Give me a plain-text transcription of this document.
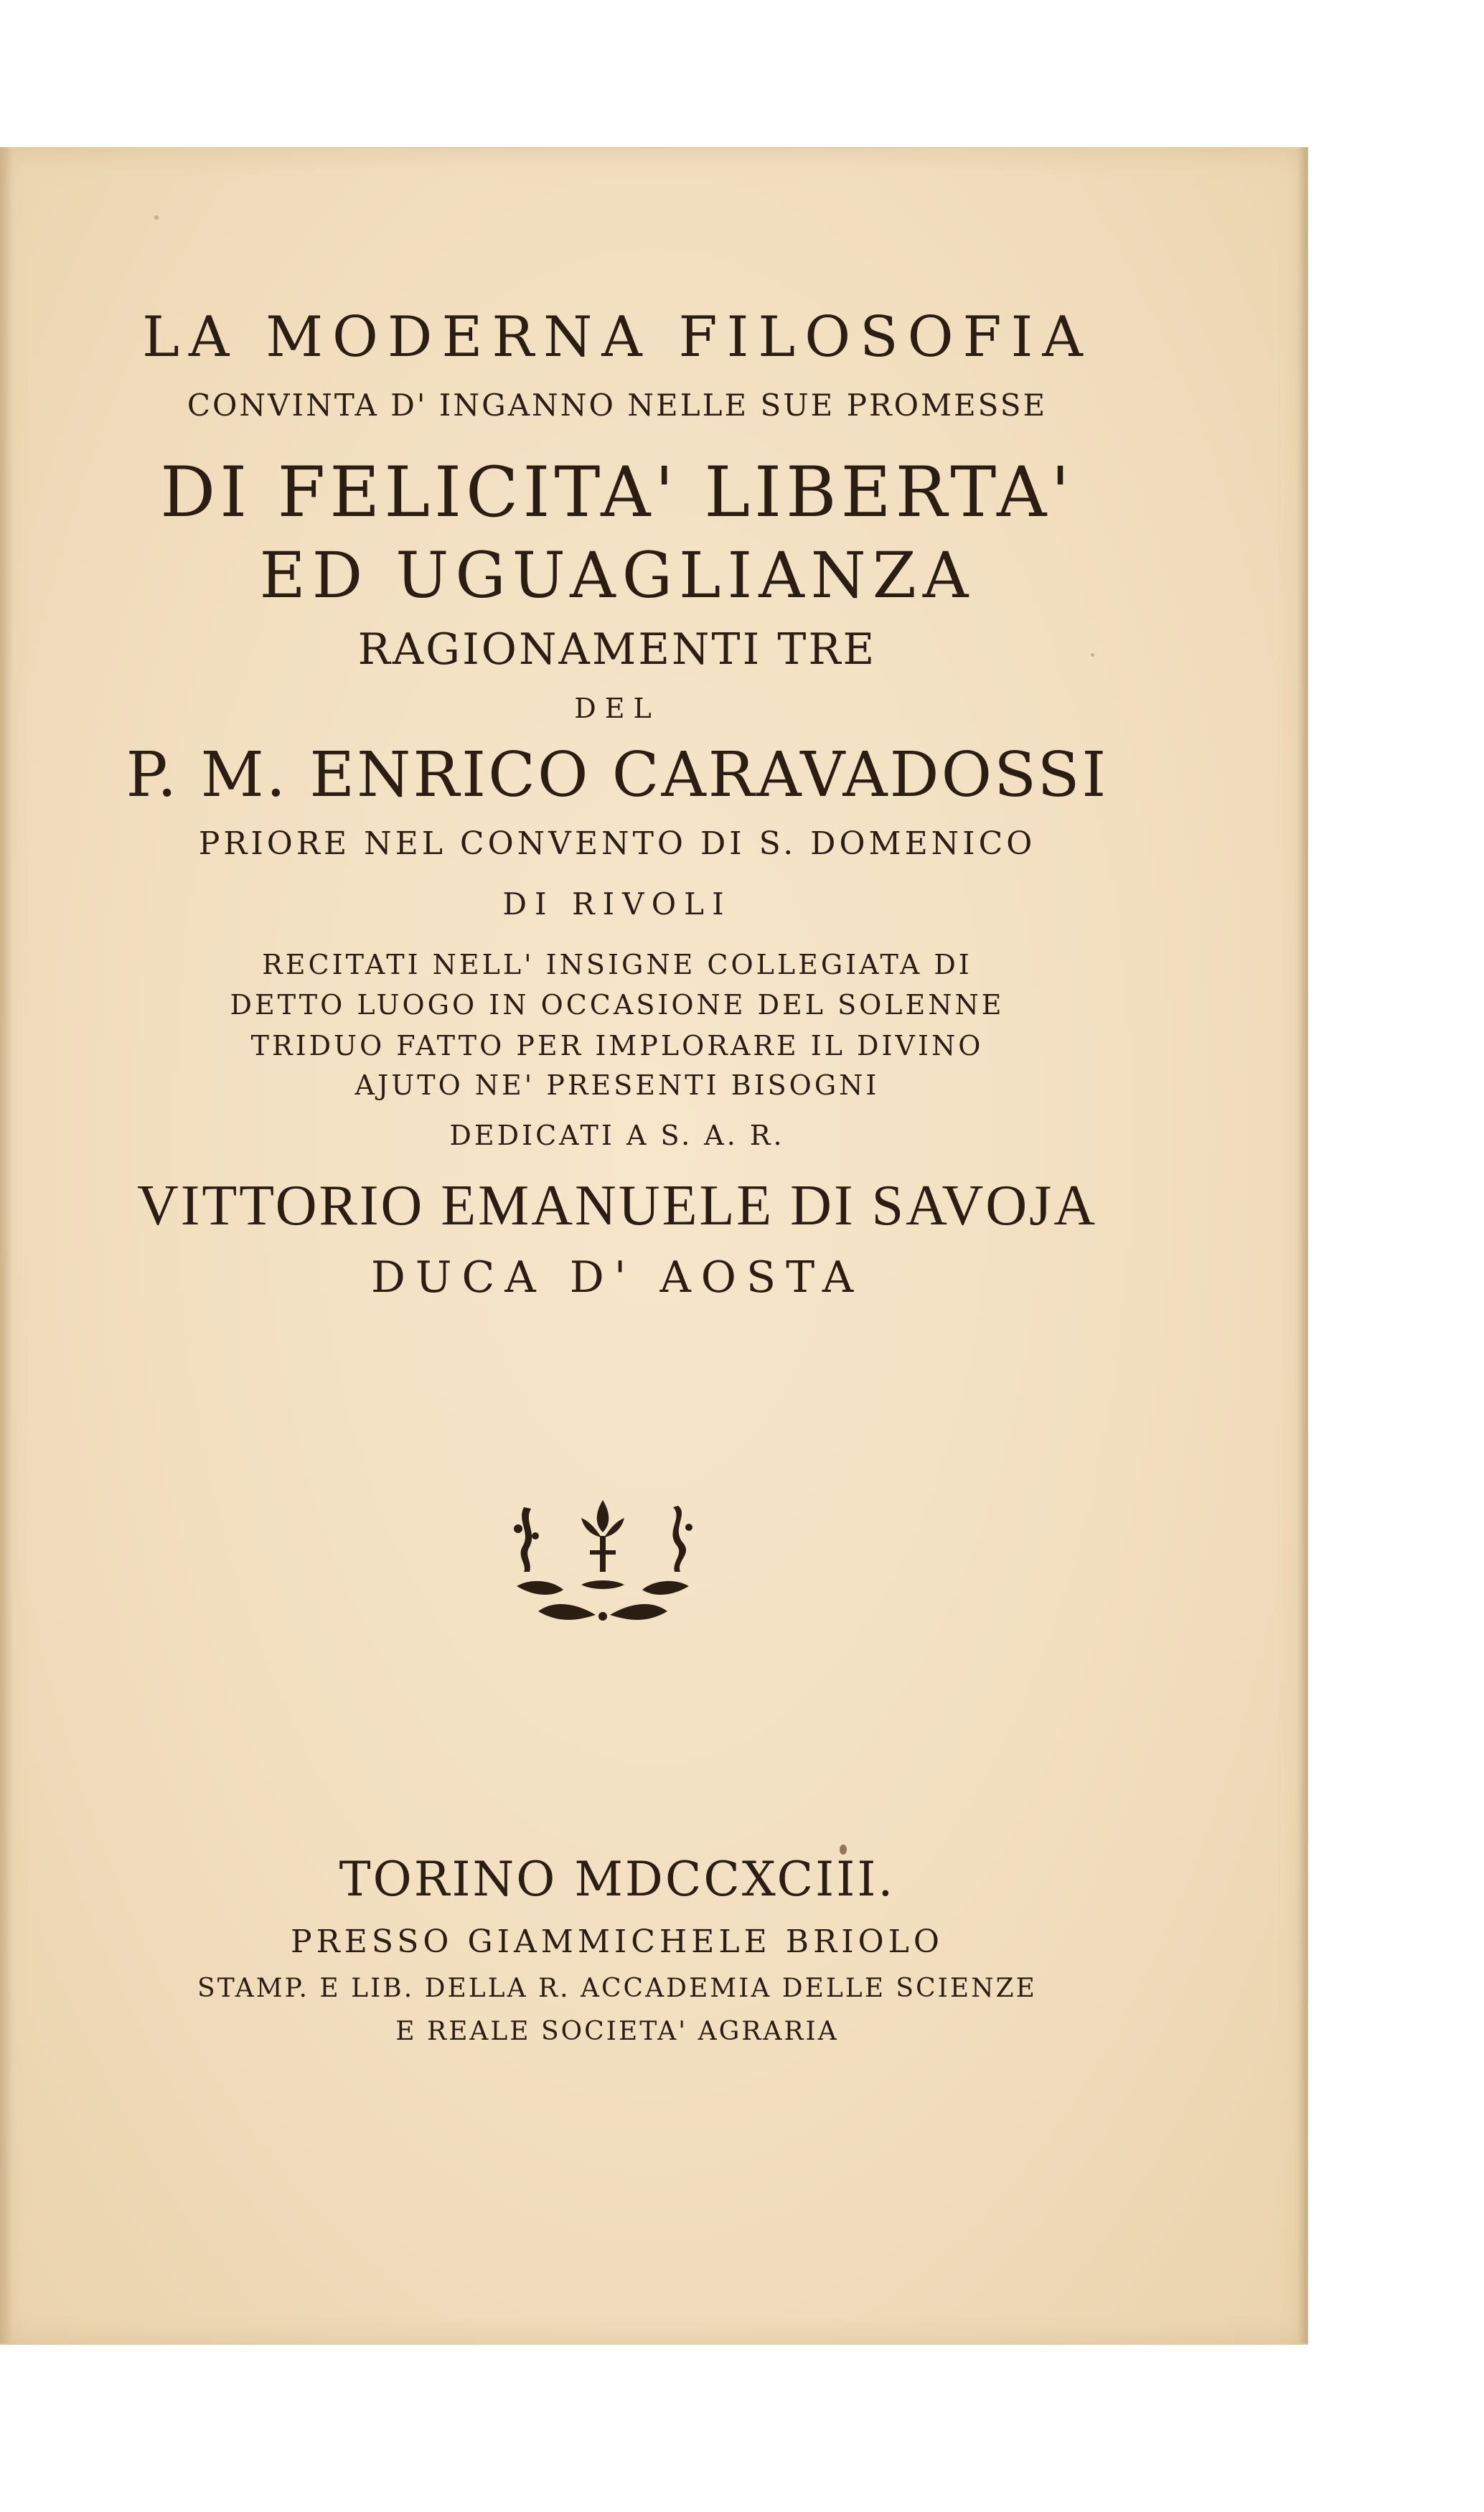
LA MODERNA FILOSOFIA
CONVINTA D' INGANNO NELLE SUE PROMESSE
DI FELICITA' LIBERTA'
ED UGUAGLIANZA
RAGIONAMENTI TRE
DEL
P. M. ENRICO CARAVADOSSI
PRIORE NEL CONVENTO DI S. DOMENICO
DI RIVOLI
RECITATI NELL' INSIGNE COLLEGIATA DI
DETTO LUOGO IN OCCASIONE DEL SOLENNE
TRIDUO FATTO PER IMPLORARE IL DIVINO
AJUTO NE' PRESENTI BISOGNI
DEDICATI A S. A. R.
VITTORIO EMANUELE DI SAVOJA
DUCA D' AOSTA
TORINO MDCCXCIII.
PRESSO GIAMMICHELE BRIOLO
STAMP. E LIB. DELLA R. ACCADEMIA DELLE SCIENZE
E REALE SOCIETA' AGRARIA
